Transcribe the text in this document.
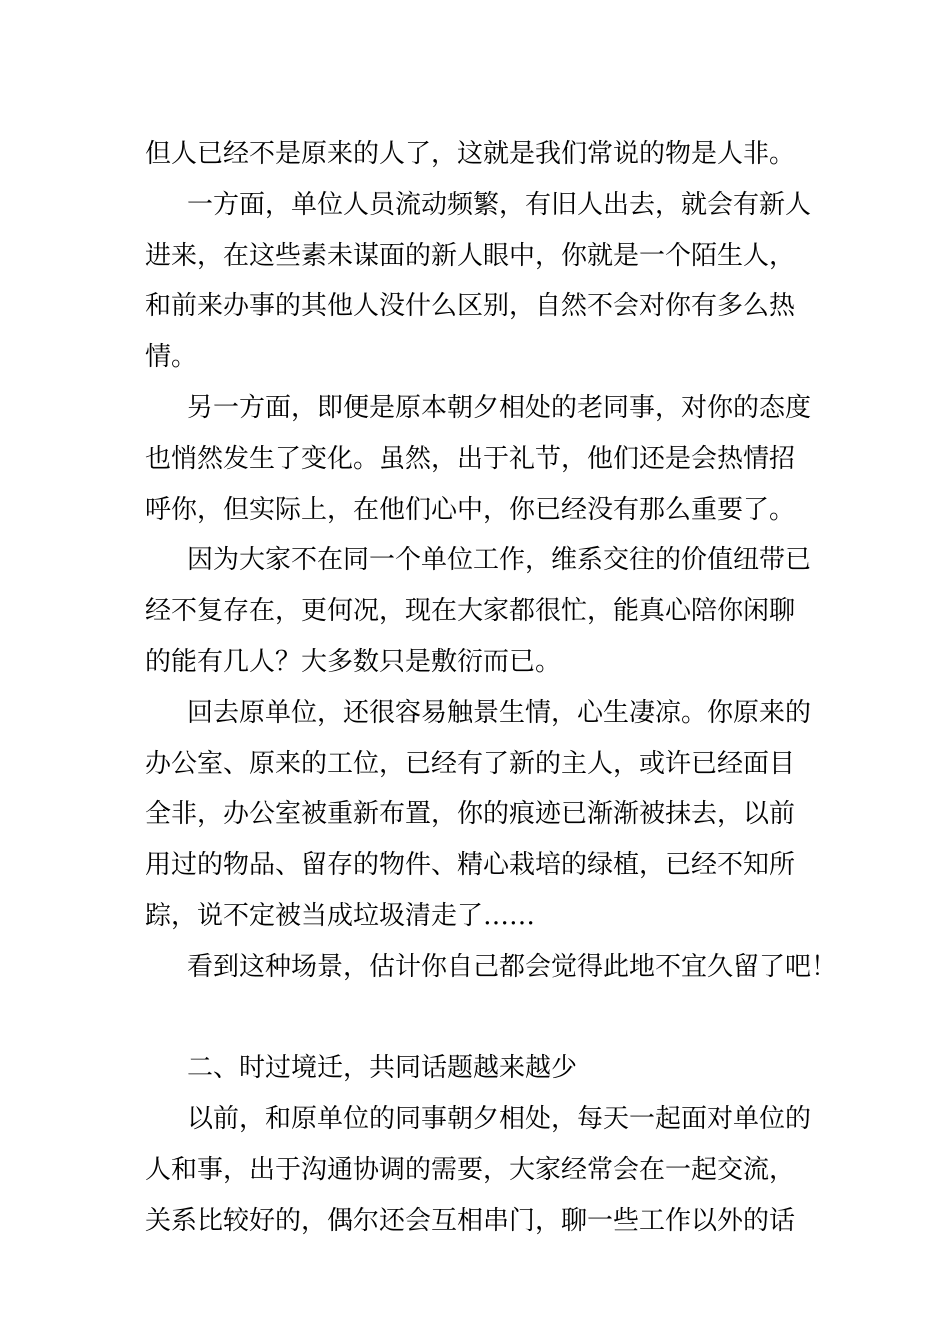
但人已经不是原来的人了，这就是我们常说的物是人非。
一方面，单位人员流动频繁，有旧人出去，就会有新人
进来，在这些素未谋面的新人眼中，你就是一个陌生人，
和前来办事的其他人没什么区别，自然不会对你有多么热
情。
另一方面，即便是原本朝夕相处的老同事，对你的态度
也悄然发生了变化。虽然，出于礼节，他们还是会热情招
呼你，但实际上，在他们心中，你已经没有那么重要了。
因为大家不在同一个单位工作，维系交往的价值纽带已
经不复存在，更何况，现在大家都很忙，能真心陪你闲聊
的能有几人？大多数只是敷衍而已。
回去原单位，还很容易触景生情，心生凄凉。你原来的
办公室、原来的工位，已经有了新的主人，或许已经面目
全非，办公室被重新布置，你的痕迹已渐渐被抹去，以前
用过的物品、留存的物件、精心栽培的绿植，已经不知所
踪，说不定被当成垃圾清走了……
看到这种场景，估计你自己都会觉得此地不宜久留了吧！
二、时过境迁，共同话题越来越少
以前，和原单位的同事朝夕相处，每天一起面对单位的
人和事，出于沟通协调的需要，大家经常会在一起交流，
关系比较好的，偶尔还会互相串门，聊一些工作以外的话
